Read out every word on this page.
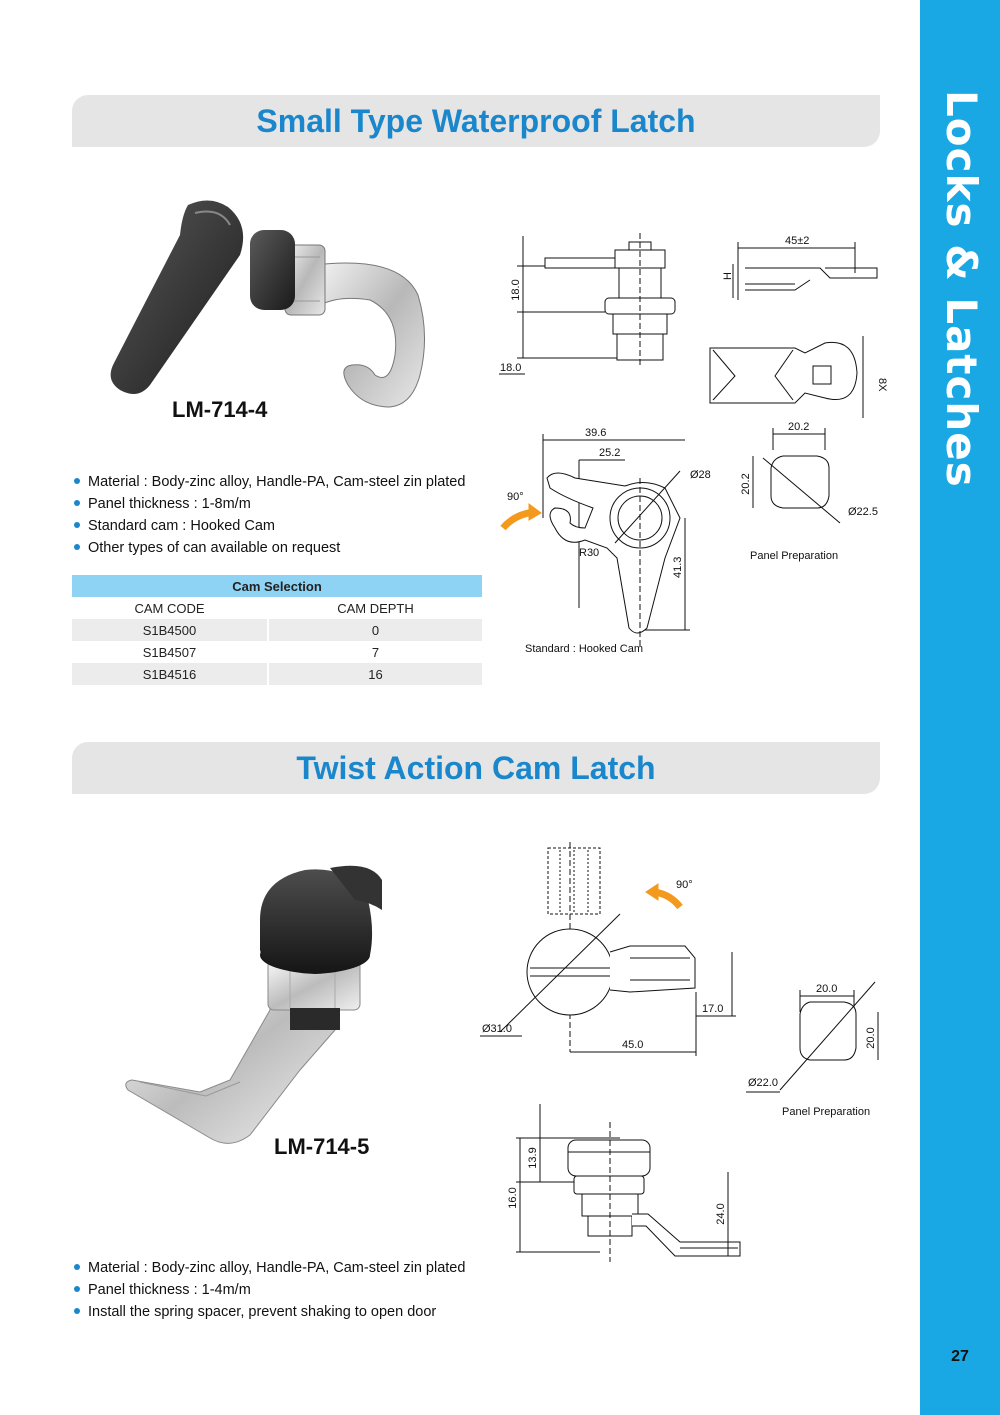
Locks & Latches
27
Small Type Waterproof Latch
LM-714-4
18.0
18.0
45±2
H
8X
39.6
25.2
Ø28
90°
R30
41.3
Standard : Hooked Cam
20.2
20.2
Ø22.5
Panel Preparation
Material : Body-zinc alloy, Handle-PA, Cam-steel zin plated
Panel thickness : 1-8m/m
Standard cam : Hooked Cam
Other types of can available on request
Cam Selection		
CAM CODE		CAM DEPTH
S1B4500		0
S1B4507		7
S1B4516		16
Twist Action Cam Latch
LM-714-5
Ø31.0
90°
17.0
45.0
20.0
20.0
Ø22.0
Panel Preparation
13.9
16.0
24.0
Material : Body-zinc alloy, Handle-PA, Cam-steel zin plated
Panel thickness : 1-4m/m
Install the spring spacer, prevent shaking to open door
